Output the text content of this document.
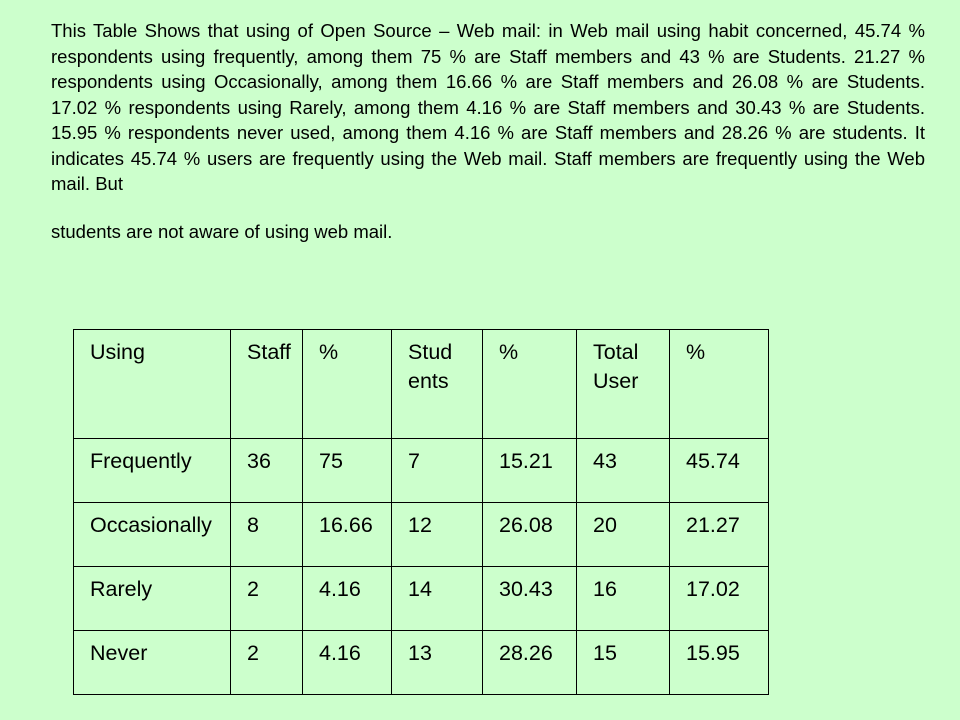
This Table Shows that using of Open Source – Web mail: in Web mail using habit concerned, 45.74 % respondents using frequently, among them 75 % are Staff members and 43 % are Students. 21.27 % respondents using Occasionally, among them 16.66 % are Staff members and 26.08 % are Students. 17.02 % respondents using Rarely, among them 4.16 % are Staff members and 30.43 % are Students. 15.95 % respondents never used, among them 4.16 % are Staff members and 28.26 % are students. It indicates 45.74 % users are frequently using the Web mail. Staff members are frequently using the Web mail. But
students are not aware of using web mail.
Using	Staff	%	Stud ents	%	Total User	%
Frequently	36	75	7	15.21	43	45.74
Occasionally	8	16.66	12	26.08	20	21.27
Rarely	2	4.16	14	30.43	16	17.02
Never	2	4.16	13	28.26	15	15.95
